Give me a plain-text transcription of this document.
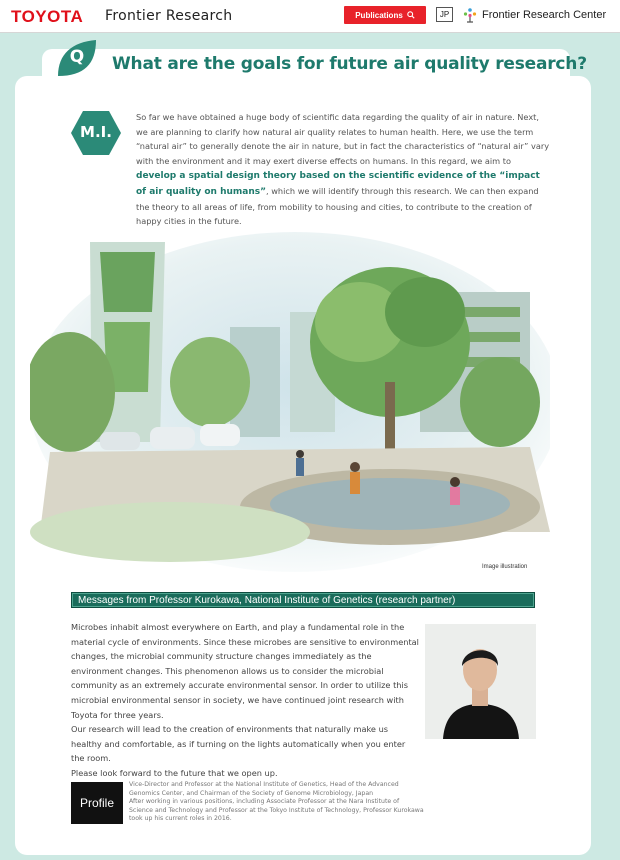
TOYOTA Frontier Research	Publications	JP	Frontier Research Center
Q	What are the goals for future air quality research?
M.I.

So far we have obtained a huge body of scientific data regarding the quality of air in nature. Next, we are planning to clarify how natural air quality relates to human health. Here, we use the term “natural air” to generally denote the air in nature, but in fact the characteristics of “natural air” vary with the environment and it may exert diverse effects on humans. In this regard, we aim to develop a spatial design theory based on the scientific evidence of the “impact of air quality on humans”, which we will identify through this research. We can then expand the theory to all areas of life, from mobility to housing and cities, to contribute to the creation of happy cities in the future.

Image illustration
Messages from Professor Kurokawa, National Institute of Genetics (research partner)

Microbes inhabit almost everywhere on Earth, and play a fundamental role in the material cycle of environments. Since these microbes are sensitive to environmental changes, the microbial community structure changes immediately as the environment changes. This phenomenon allows us to consider the microbial community as an extremely accurate environmental sensor. In order to utilize this microbial environmental sensor in society, we have continued joint research with Toyota for three years.

Our research will lead to the creation of environments that naturally make us healthy and comfortable, as if turning on the lights automatically when you enter the room.

Please look forward to the future that we open up.

Profile

Vice-Director and Professor at the National Institute of Genetics, Head of the Advanced Genomics Center, and Chairman of the Society of Genome Microbiology, Japan

After working in various positions, including Associate Professor at the Nara Institute of Science and Technology and Professor at the Tokyo Institute of Technology, Professor Kurokawa took up his current roles in 2016.
